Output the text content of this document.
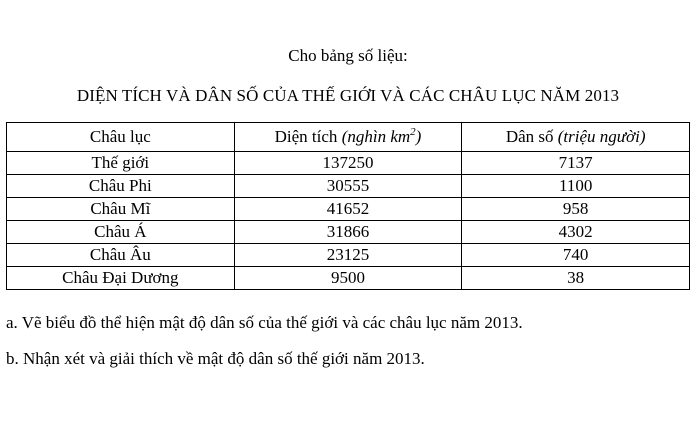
Cho bảng số liệu:
DIỆN TÍCH VÀ DÂN SỐ CỦA THẾ GIỚI VÀ CÁC CHÂU LỤC NĂM 2013
Châu lục	Diện tích (nghìn $km^2$)	Dân số (triệu người)
Thế giới	137250	7137
Châu Phi	30555	1100
Châu Mĩ	41652	958
Châu Á	31866	4302
Châu Âu	23125	740
Châu Đại Dương	9500	38
a. Vẽ biểu đồ thể hiện mật độ dân số của thế giới và các châu lục năm 2013.
b. Nhận xét và giải thích về mật độ dân số thế giới năm 2013.
